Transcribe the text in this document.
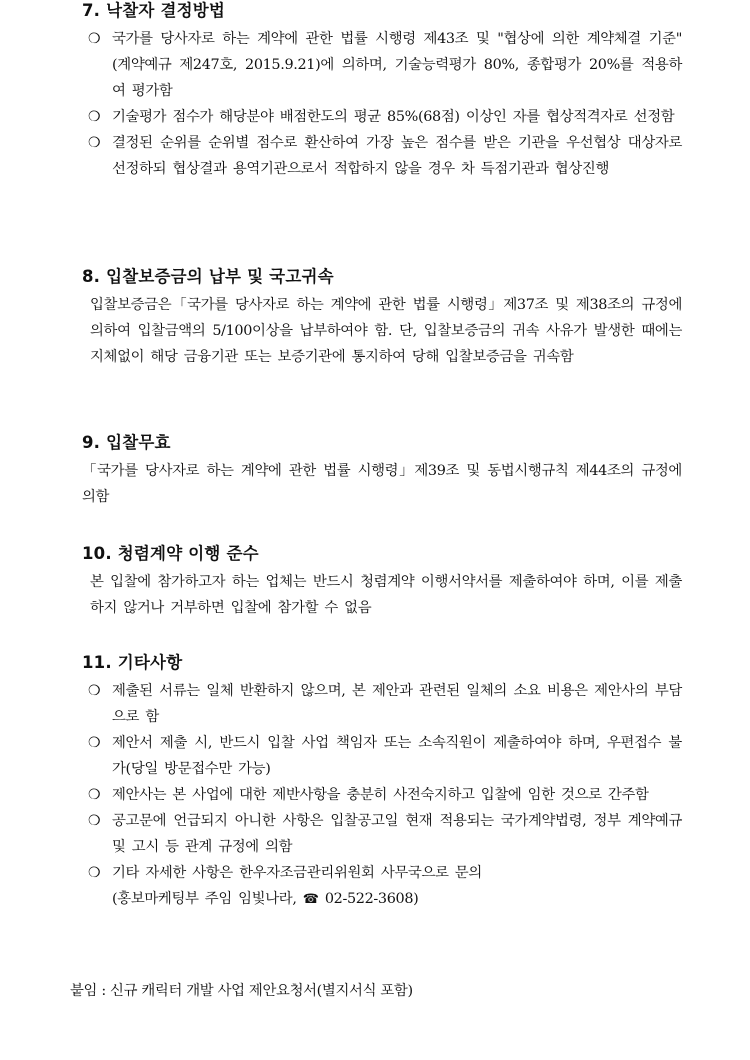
7. 낙찰자 결정방법
❍ 국가를 당사자로 하는 계약에 관한 법률 시행령 제43조 및 "협상에 의한 계약체결 기준"(계약예규 제247호, 2015.9.21)에 의하며, 기술능력평가 80%, 종합평가 20%를 적용하여 평가함
❍ 기술평가 점수가 해당분야 배점한도의 평균 85%(68점) 이상인 자를 협상적격자로 선정함
❍ 결정된 순위를 순위별 점수로 환산하여 가장 높은 점수를 받은 기관을 우선협상 대상자로 선정하되 협상결과 용역기관으로서 적합하지 않을 경우 차 득점기관과 협상진행
8. 입찰보증금의 납부 및 국고귀속
입찰보증금은「국가를 당사자로 하는 계약에 관한 법률 시행령」제37조 및 제38조의 규정에 의하여 입찰금액의 5/100이상을 납부하여야 함. 단, 입찰보증금의 귀속 사유가 발생한 때에는 지체없이 해당 금융기관 또는 보증기관에 통지하여 당해 입찰보증금을 귀속함
9. 입찰무효
「국가를 당사자로 하는 계약에 관한 법률 시행령」제39조 및 동법시행규칙 제44조의 규정에 의함
10. 청렴계약 이행 준수
본 입찰에 참가하고자 하는 업체는 반드시 청렴계약 이행서약서를 제출하여야 하며, 이를 제출하지 않거나 거부하면 입찰에 참가할 수 없음
11. 기타사항
❍ 제출된 서류는 일체 반환하지 않으며, 본 제안과 관련된 일체의 소요 비용은 제안사의 부담으로 함
❍ 제안서 제출 시, 반드시 입찰 사업 책임자 또는 소속직원이 제출하여야 하며, 우편접수 불가(당일 방문접수만 가능)
❍ 제안사는 본 사업에 대한 제반사항을 충분히 사전숙지하고 입찰에 임한 것으로 간주함
❍ 공고문에 언급되지 아니한 사항은 입찰공고일 현재 적용되는 국가계약법령, 정부 계약예규 및 고시 등 관계 규정에 의함
❍ 기타 자세한 사항은 한우자조금관리위원회 사무국으로 문의
(홍보마케팅부 주임 임빛나라, ☎ 02-522-3608)
붙임 : 신규 캐릭터 개발 사업 제안요청서(별지서식 포함)
